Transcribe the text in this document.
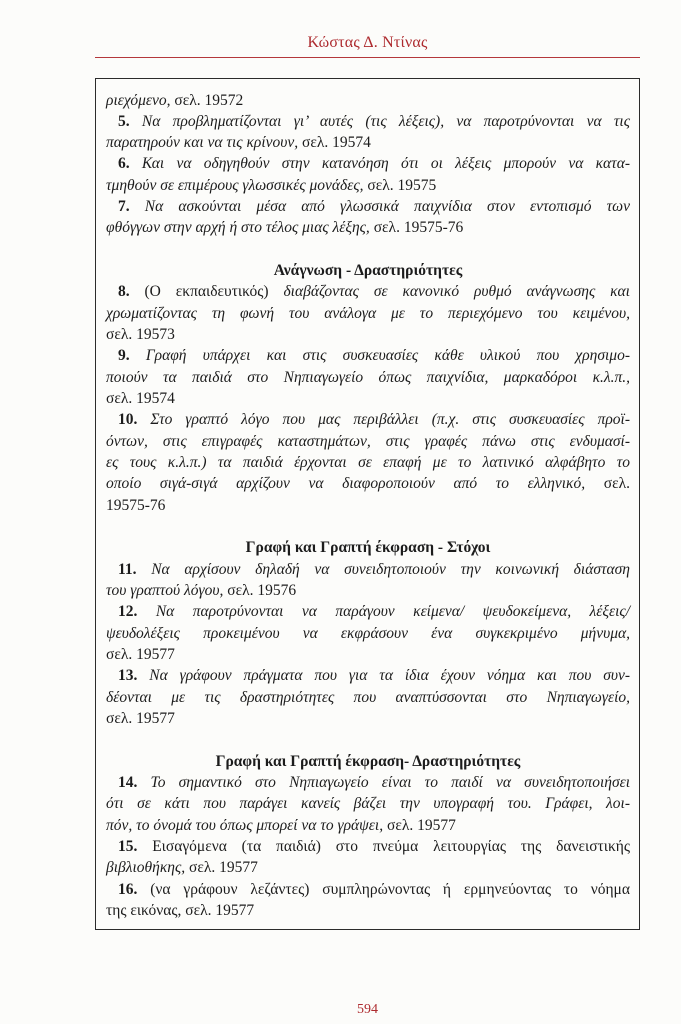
Κώστας Δ. Ντίνας
ριεχόμενο, σελ. 19572
5. Να προβληματίζονται γι’ αυτές (τις λέξεις), να παροτρύνονται να τις
παρατηρούν και να τις κρίνουν, σελ. 19574
6. Και να οδηγηθούν στην κατανόηση ότι οι λέξεις μπορούν να κατα-
τμηθούν σε επιμέρους γλωσσικές μονάδες, σελ. 19575
7. Να ασκούνται μέσα από γλωσσικά παιχνίδια στον εντοπισμό των
φθόγγων στην αρχή ή στο τέλος μιας λέξης, σελ. 19575-76
Ανάγνωση - Δραστηριότητες
8. (Ο εκπαιδευτικός) διαβάζοντας σε κανονικό ρυθμό ανάγνωσης και
χρωματίζοντας τη φωνή του ανάλογα με το περιεχόμενο του κειμένου,
σελ. 19573
9. Γραφή υπάρχει και στις συσκευασίες κάθε υλικού που χρησιμο-
ποιούν τα παιδιά στο Νηπιαγωγείο όπως παιχνίδια, μαρκαδόροι κ.λ.π.,
σελ. 19574
10. Στο γραπτό λόγο που μας περιβάλλει (π.χ. στις συσκευασίες προϊ-
όντων, στις επιγραφές καταστημάτων, στις γραφές πάνω στις ενδυμασί-
ες τους κ.λ.π.) τα παιδιά έρχονται σε επαφή με το λατινικό αλφάβητο το
οποίο σιγά-σιγά αρχίζουν να διαφοροποιούν από το ελληνικό, σελ.
19575-76
Γραφή και Γραπτή έκφραση - Στόχοι
11. Να αρχίσουν δηλαδή να συνειδητοποιούν την κοινωνική διάσταση
του γραπτού λόγου, σελ. 19576
12. Να παροτρύνονται να παράγουν κείμενα/ ψευδοκείμενα, λέξεις/
ψευδολέξεις προκειμένου να εκφράσουν ένα συγκεκριμένο μήνυμα,
σελ. 19577
13. Να γράφουν πράγματα που για τα ίδια έχουν νόημα και που συν-
δέονται με τις δραστηριότητες που αναπτύσσονται στο Νηπιαγωγείο,
σελ. 19577
Γραφή και Γραπτή έκφραση- Δραστηριότητες
14. Το σημαντικό στο Νηπιαγωγείο είναι το παιδί να συνειδητοποιήσει
ότι σε κάτι που παράγει κανείς βάζει την υπογραφή του. Γράφει, λοι-
πόν, το όνομά του όπως μπορεί να το γράψει, σελ. 19577
15. Εισαγόμενα (τα παιδιά) στο πνεύμα λειτουργίας της δανειστικής
βιβλιοθήκης, σελ. 19577
16. (να γράφουν λεζάντες) συμπληρώνοντας ή ερμηνεύοντας το νόημα
της εικόνας, σελ. 19577
594
